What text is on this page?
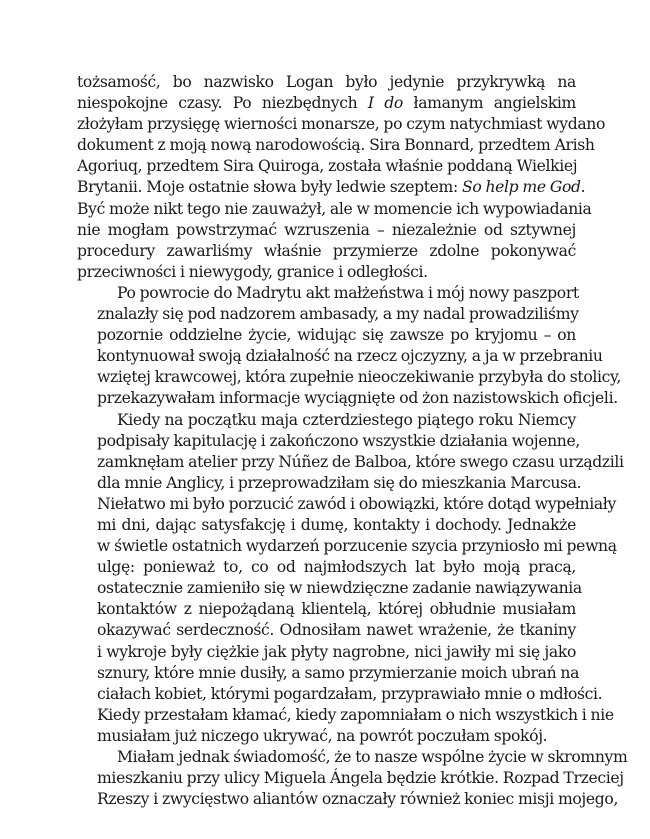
tożsamość, bo nazwisko Logan było jedynie przykrywką na
niespokojne czasy. Po niezbędnych I do łamanym angielskim
złożyłam przysięgę wierności monarsze, po czym natychmiast wydano
dokument z moją nową narodowością. Sira Bonnard, przedtem Arish
Agoriuq, przedtem Sira Quiroga, została właśnie poddaną Wielkiej
Brytanii. Moje ostatnie słowa były ledwie szeptem: So help me God.
Być może nikt tego nie zauważył, ale w momencie ich wypowiadania
nie mogłam powstrzymać wzruszenia – niezależnie od sztywnej
procedury zawarliśmy właśnie przymierze zdolne pokonywać
przeciwności i niewygody, granice i odległości.
Po powrocie do Madrytu akt małżeństwa i mój nowy paszport
znalazły się pod nadzorem ambasady, a my nadal prowadziliśmy
pozornie oddzielne życie, widując się zawsze po kryjomu – on
kontynuował swoją działalność na rzecz ojczyzny, a ja w przebraniu
wziętej krawcowej, która zupełnie nieoczekiwanie przybyła do stolicy,
przekazywałam informacje wyciągnięte od żon nazistowskich oficjeli.
Kiedy na początku maja czterdziestego piątego roku Niemcy
podpisały kapitulację i zakończono wszystkie działania wojenne,
zamknęłam atelier przy Núñez de Balboa, które swego czasu urządzili
dla mnie Anglicy, i przeprowadziłam się do mieszkania Marcusa.
Niełatwo mi było porzucić zawód i obowiązki, które dotąd wypełniały
mi dni, dając satysfakcję i dumę, kontakty i dochody. Jednakże
w świetle ostatnich wydarzeń porzucenie szycia przyniosło mi pewną
ulgę: ponieważ to, co od najmłodszych lat było moją pracą,
ostatecznie zamieniło się w niewdzięczne zadanie nawiązywania
kontaktów z niepożądaną klientelą, której obłudnie musiałam
okazywać serdeczność. Odnosiłam nawet wrażenie, że tkaniny
i wykroje były ciężkie jak płyty nagrobne, nici jawiły mi się jako
sznury, które mnie dusiły, a samo przymierzanie moich ubrań na
ciałach kobiet, którymi pogardzałam, przyprawiało mnie o mdłości.
Kiedy przestałam kłamać, kiedy zapomniałam o nich wszystkich i nie
musiałam już niczego ukrywać, na powrót poczułam spokój.
Miałam jednak świadomość, że to nasze wspólne życie w skromnym
mieszkaniu przy ulicy Miguela Ángela będzie krótkie. Rozpad Trzeciej
Rzeszy i zwycięstwo aliantów oznaczały również koniec misji mojego,
